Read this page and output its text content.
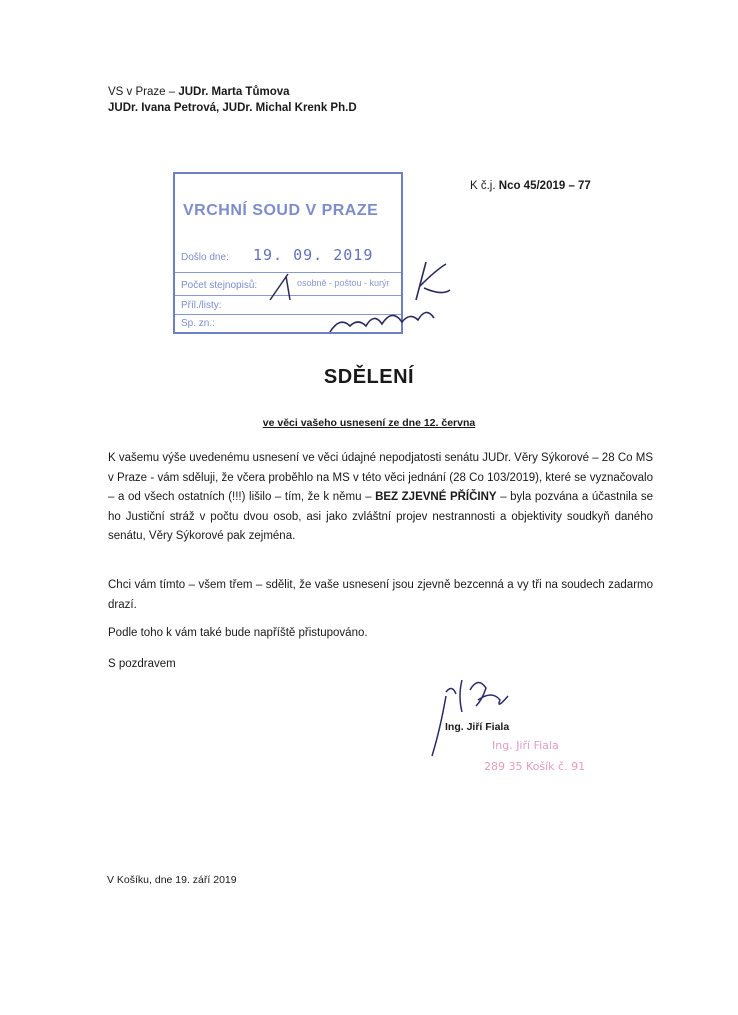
VS v Praze – JUDr. Marta Tůmova
JUDr. Ivana Petrová, JUDr. Michal Krenk Ph.D
K č.j. Nco 45/2019 – 77
VRCHNÍ SOUD V PRAZE
Došlo dne: 19. 09. 2019
Počet stejnopisů:	osobně - poštou - kurýr
Příl./listy:
Sp. zn.:
SDĚLENÍ
ve věci vašeho usnesení ze dne 12. června
K vašemu výše uvedenému usnesení ve věci údajné nepodjatosti senátu JUDr. Věry Sýkorové – 28 Co MS v Praze - vám sděluji, že včera proběhlo na MS v této věci jednání (28 Co 103/2019), které se vyznačovalo – a od všech ostatních (!!!) lišilo – tím, že k němu – BEZ ZJEVNÉ PŘÍČINY – byla pozvána a účastnila se ho Justiční stráž v počtu dvou osob, asi jako zvláštní projev nestrannosti a objektivity soudkyň daného senátu, Věry Sýkorové pak zejména.
Chci vám tímto – všem třem – sdělit, že vaše usnesení jsou zjevně bezcenná a vy tři na soudech zadarmo drazí.
Podle toho k vám také bude napříště přistupováno.
S pozdravem
Ing. Jiří Fiala
Ing. Jiří Fiala
289 35 Košík č. 91
V Košíku, dne 19. září 2019
